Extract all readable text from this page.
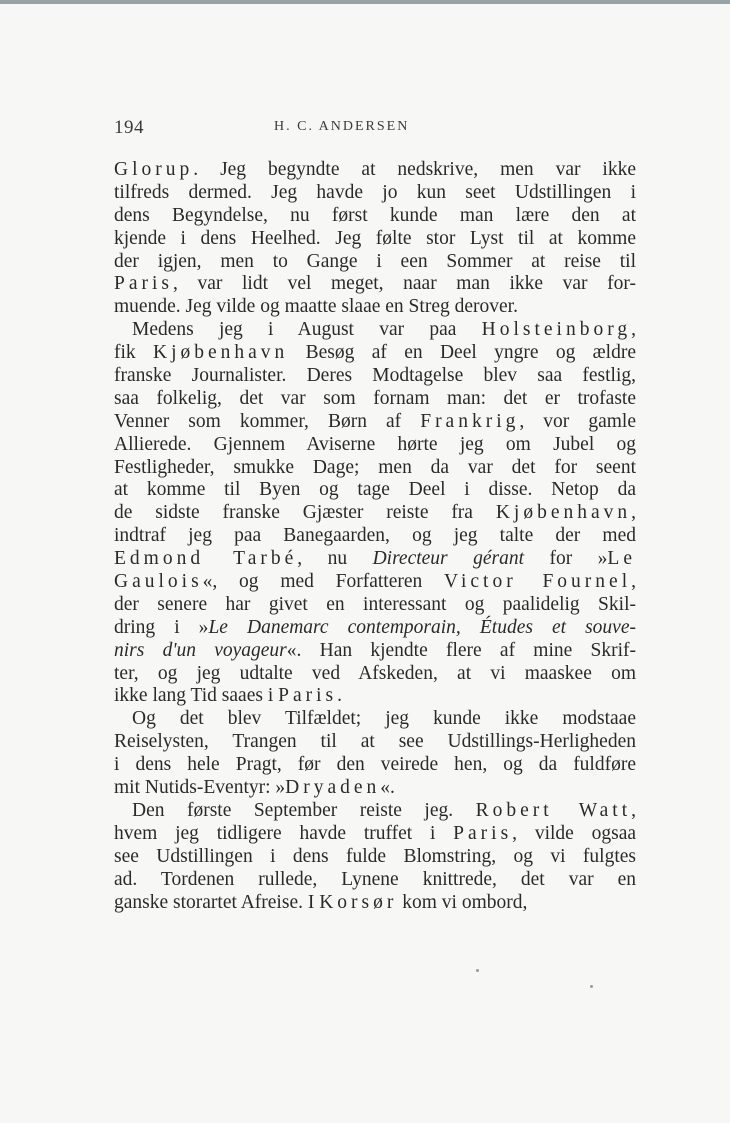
194	H. C. ANDERSEN
Glorup. Jeg begyndte at nedskrive, men var ikke
tilfreds dermed. Jeg havde jo kun seet Udstillingen i
dens Begyndelse, nu først kunde man lære den at
kjende i dens Heelhed. Jeg følte stor Lyst til at komme
der igjen, men to Gange i een Sommer at reise til
Paris, var lidt vel meget, naar man ikke var for-
muende. Jeg vilde og maatte slaae en Streg derover.
Medens jeg i August var paa Holsteinborg,
fik Kjøbenhavn Besøg af en Deel yngre og ældre
franske Journalister. Deres Modtagelse blev saa festlig,
saa folkelig, det var som fornam man: det er trofaste
Venner som kommer, Børn af Frankrig, vor gamle
Allierede. Gjennem Aviserne hørte jeg om Jubel og
Festligheder, smukke Dage; men da var det for seent
at komme til Byen og tage Deel i disse. Netop da
de sidste franske Gjæster reiste fra Kjøbenhavn,
indtraf jeg paa Banegaarden, og jeg talte der med
Edmond Tarbé, nu Directeur gérant for »Le
Gaulois«, og med Forfatteren Victor Fournel,
der senere har givet en interessant og paalidelig Skil-
dring i »Le Danemarc contemporain, Études et souve-
nirs d'un voyageur«. Han kjendte flere af mine Skrif-
ter, og jeg udtalte ved Afskeden, at vi maaskee om
ikke lang Tid saaes i Paris.
Og det blev Tilfældet; jeg kunde ikke modstaae
Reiselysten, Trangen til at see Udstillings-Herligheden
i dens hele Pragt, før den veirede hen, og da fuldføre
mit Nutids-Eventyr: »Dryaden«.
Den første September reiste jeg. Robert Watt,
hvem jeg tidligere havde truffet i Paris, vilde ogsaa
see Udstillingen i dens fulde Blomstring, og vi fulgtes
ad. Tordenen rullede, Lynene knittrede, det var en
ganske storartet Afreise. I Korsør kom vi ombord,
